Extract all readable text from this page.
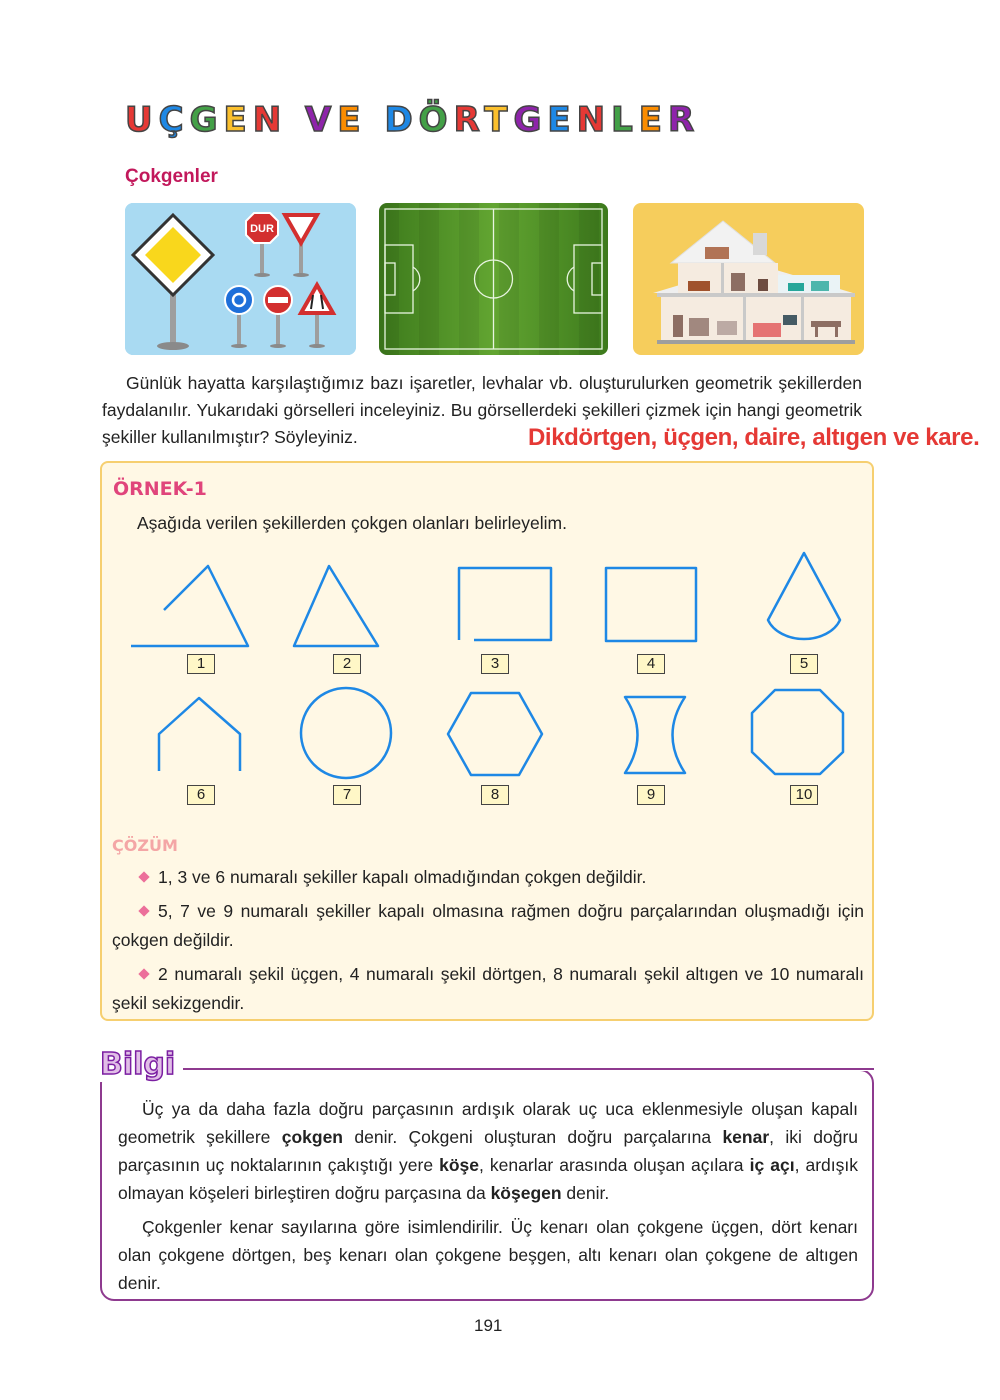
UÇGEN VE DÖRTGENLER
Çokgenler
DUR

Günlük hayatta karşılaştığımız bazı işaretler, levhalar vb. oluşturulurken geometrik şekillerden faydalanılır. Yukarıdaki görselleri inceleyiniz. Bu görsellerdeki şekilleri çizmek için hangi geometrik şekiller kullanılmıştır? Söyleyiniz.	Dikdörtgen, üçgen, daire, altıgen ve kare.
ÖRNEK-1
Aşağıda verilen şekillerden çokgen olanları belirleyelim.
1	2	3	4	5
6	7	8	9	10
ÇÖZÜM
1, 3 ve 6 numaralı şekiller kapalı olmadığından çokgen değildir.
5, 7 ve 9 numaralı şekiller kapalı olmasına rağmen doğru parçalarından oluşmadığı için çokgen değildir.
2 numaralı şekil üçgen, 4 numaralı şekil dörtgen, 8 numaralı şekil altıgen ve 10 numaralı şekil sekizgendir.
Bilgi

Üç ya da daha fazla doğru parçasının ardışık olarak uç uca eklenmesiyle oluşan kapalı geometrik şekillere çokgen denir. Çokgeni oluşturan doğru parçalarına kenar, iki doğru parçasının uç noktalarının çakıştığı yere köşe, kenarlar arasında oluşan açılara iç açı, ardışık olmayan köşeleri birleştiren doğru parçasına da köşegen denir.

Çokgenler kenar sayılarına göre isimlendirilir. Üç kenarı olan çokgene üçgen, dört kenarı olan çokgene dörtgen, beş kenarı olan çokgene beşgen, altı kenarı olan çokgene de altıgen denir.

191
